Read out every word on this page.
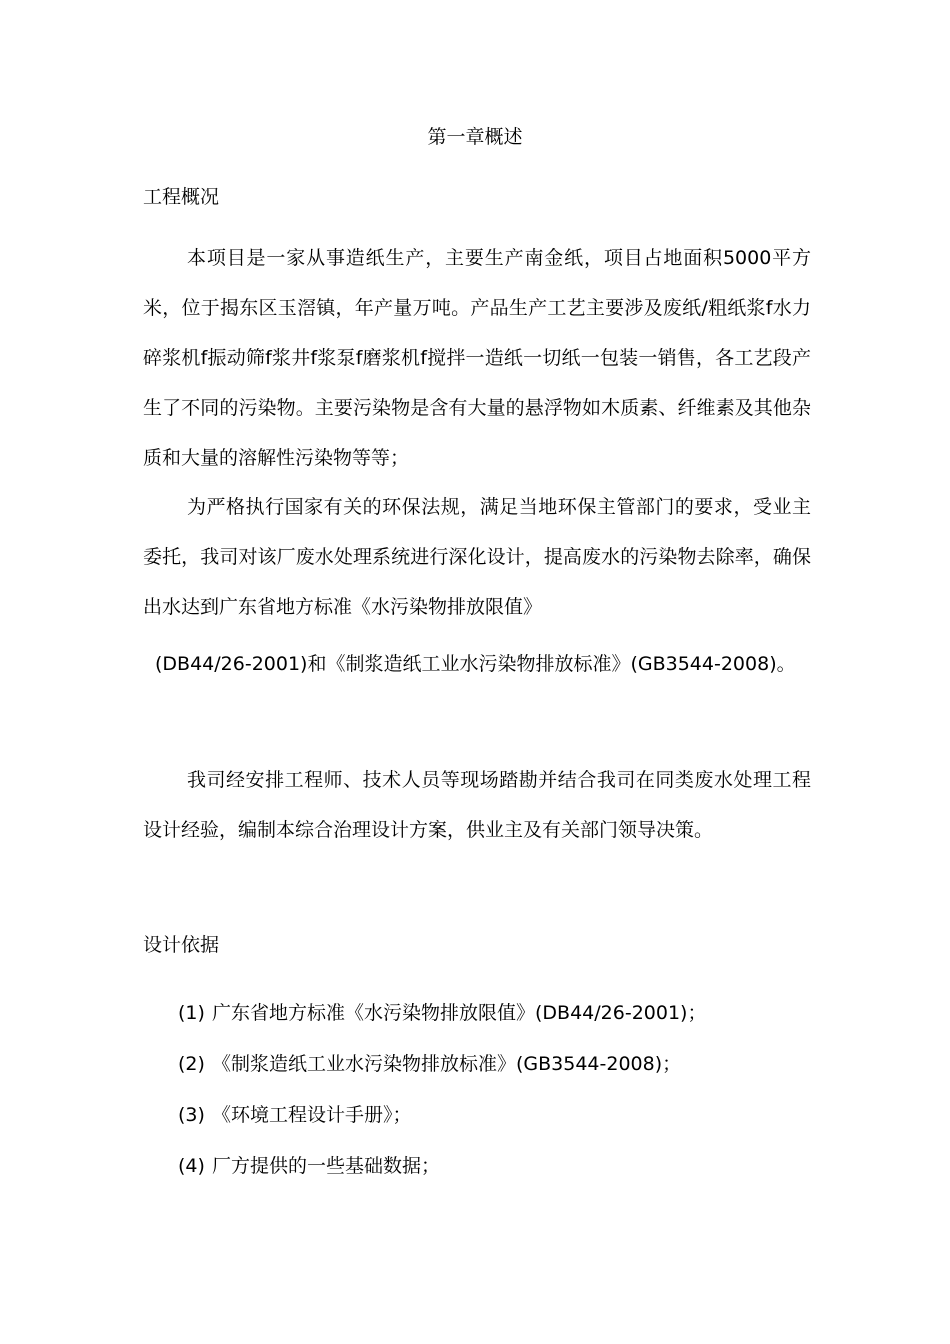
第一章概述
工程概况
本项目是一家从事造纸生产，主要生产南金纸，项目占地面积5000平方米，位于揭东区玉滘镇，年产量万吨。产品生产工艺主要涉及废纸/粗纸浆f水力碎浆机f振动筛f浆井f浆泵f磨浆机f搅拌一造纸一切纸一包装一销售，各工艺段产生了不同的污染物。主要污染物是含有大量的悬浮物如木质素、纤维素及其他杂质和大量的溶解性污染物等等；
为严格执行国家有关的环保法规，满足当地环保主管部门的要求，受业主委托，我司对该厂废水处理系统进行深化设计，提高废水的污染物去除率，确保出水达到广东省地方标准《水污染物排放限值》
(DB44/26-2001)和《制浆造纸工业水污染物排放标准》(GB3544-2008)。
我司经安排工程师、技术人员等现场踏勘并结合我司在同类废水处理工程设计经验，编制本综合治理设计方案，供业主及有关部门领导决策。
设计依据
(1) 广东省地方标准《水污染物排放限值》(DB44/26-2001)；
(2) 《制浆造纸工业水污染物排放标准》(GB3544-2008)；
(3) 《环境工程设计手册》；
(4) 厂方提供的一些基础数据；
